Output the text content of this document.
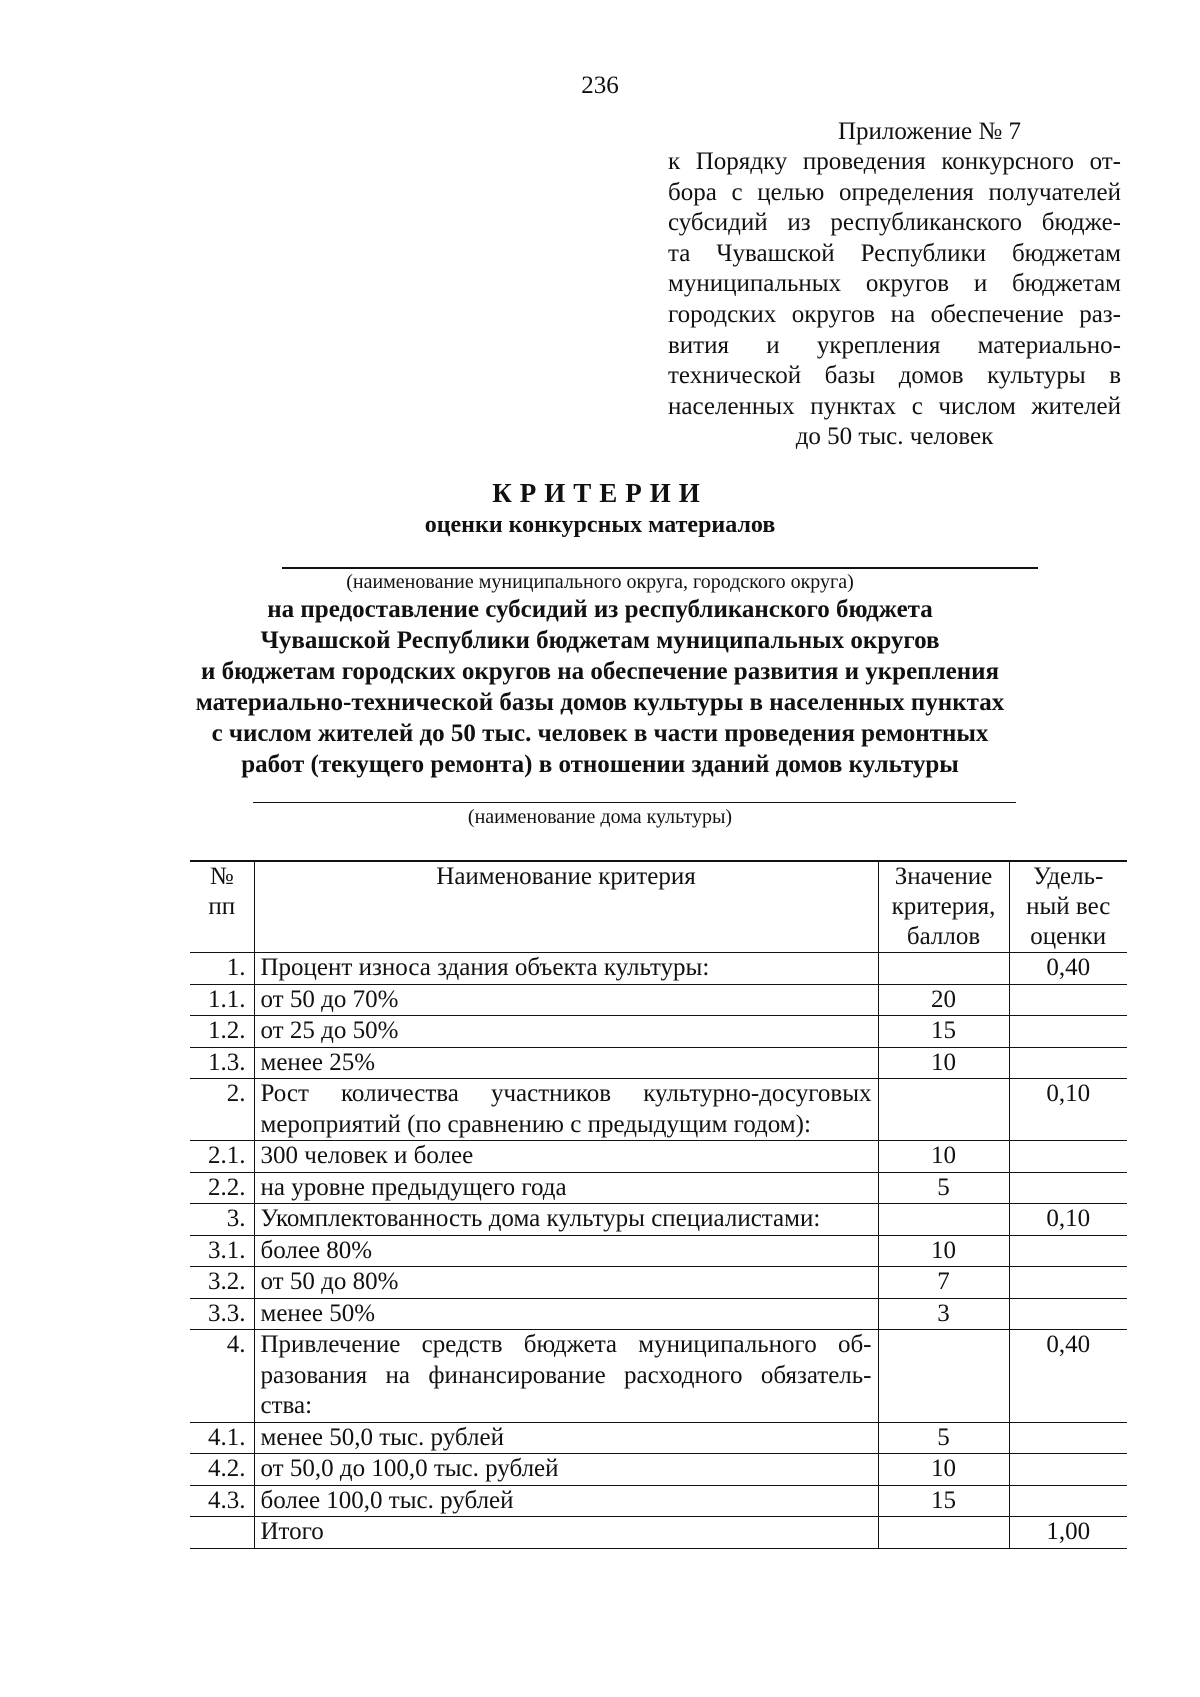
236
Приложение № 7
к Порядку проведения конкурсного от-
бора с целью определения получателей
субсидий из республиканского бюдже-
та Чувашской Республики бюджетам
муниципальных округов и бюджетам
городских округов на обеспечение раз-
вития и укрепления материально-
технической базы домов культуры в
населенных пунктах с числом жителей
до 50 тыс. человек
КРИТЕРИИ
оценки конкурсных материалов
(наименование муниципального округа, городского округа)
на предоставление субсидий из республиканского бюджета
Чувашской Республики бюджетам муниципальных округов
и бюджетам городских округов на обеспечение развития и укрепления
материально-технической базы домов культуры в населенных пунктах
с числом жителей до 50 тыс. человек в части проведения ремонтных
работ (текущего ремонта) в отношении зданий домов культуры
(наименование дома культуры)
№ пп	Наименование критерия	Значение критерия, баллов	Удель-ный вес оценки
1.	Процент износа здания объекта культуры:		0,40
1.1.	от 50 до 70%	20	
1.2.	от 25 до 50%	15	
1.3.	менее 25%	10	
2.	Рост количества участников культурно-досуговых мероприятий (по сравнению с предыдущим годом):		0,10
2.1.	300 человек и более	10	
2.2.	на уровне предыдущего года	5	
3.	Укомплектованность дома культуры специалистами:		0,10
3.1.	более 80%	10	
3.2.	от 50 до 80%	7	
3.3.	менее 50%	3	
4.	Привлечение средств бюджета муниципального об-разования на финансирование расходного обязатель-ства:		0,40
4.1.	менее 50,0 тыс. рублей	5	
4.2.	от 50,0 до 100,0 тыс. рублей	10	
4.3.	более 100,0 тыс. рублей	15	
	Итого		1,00
